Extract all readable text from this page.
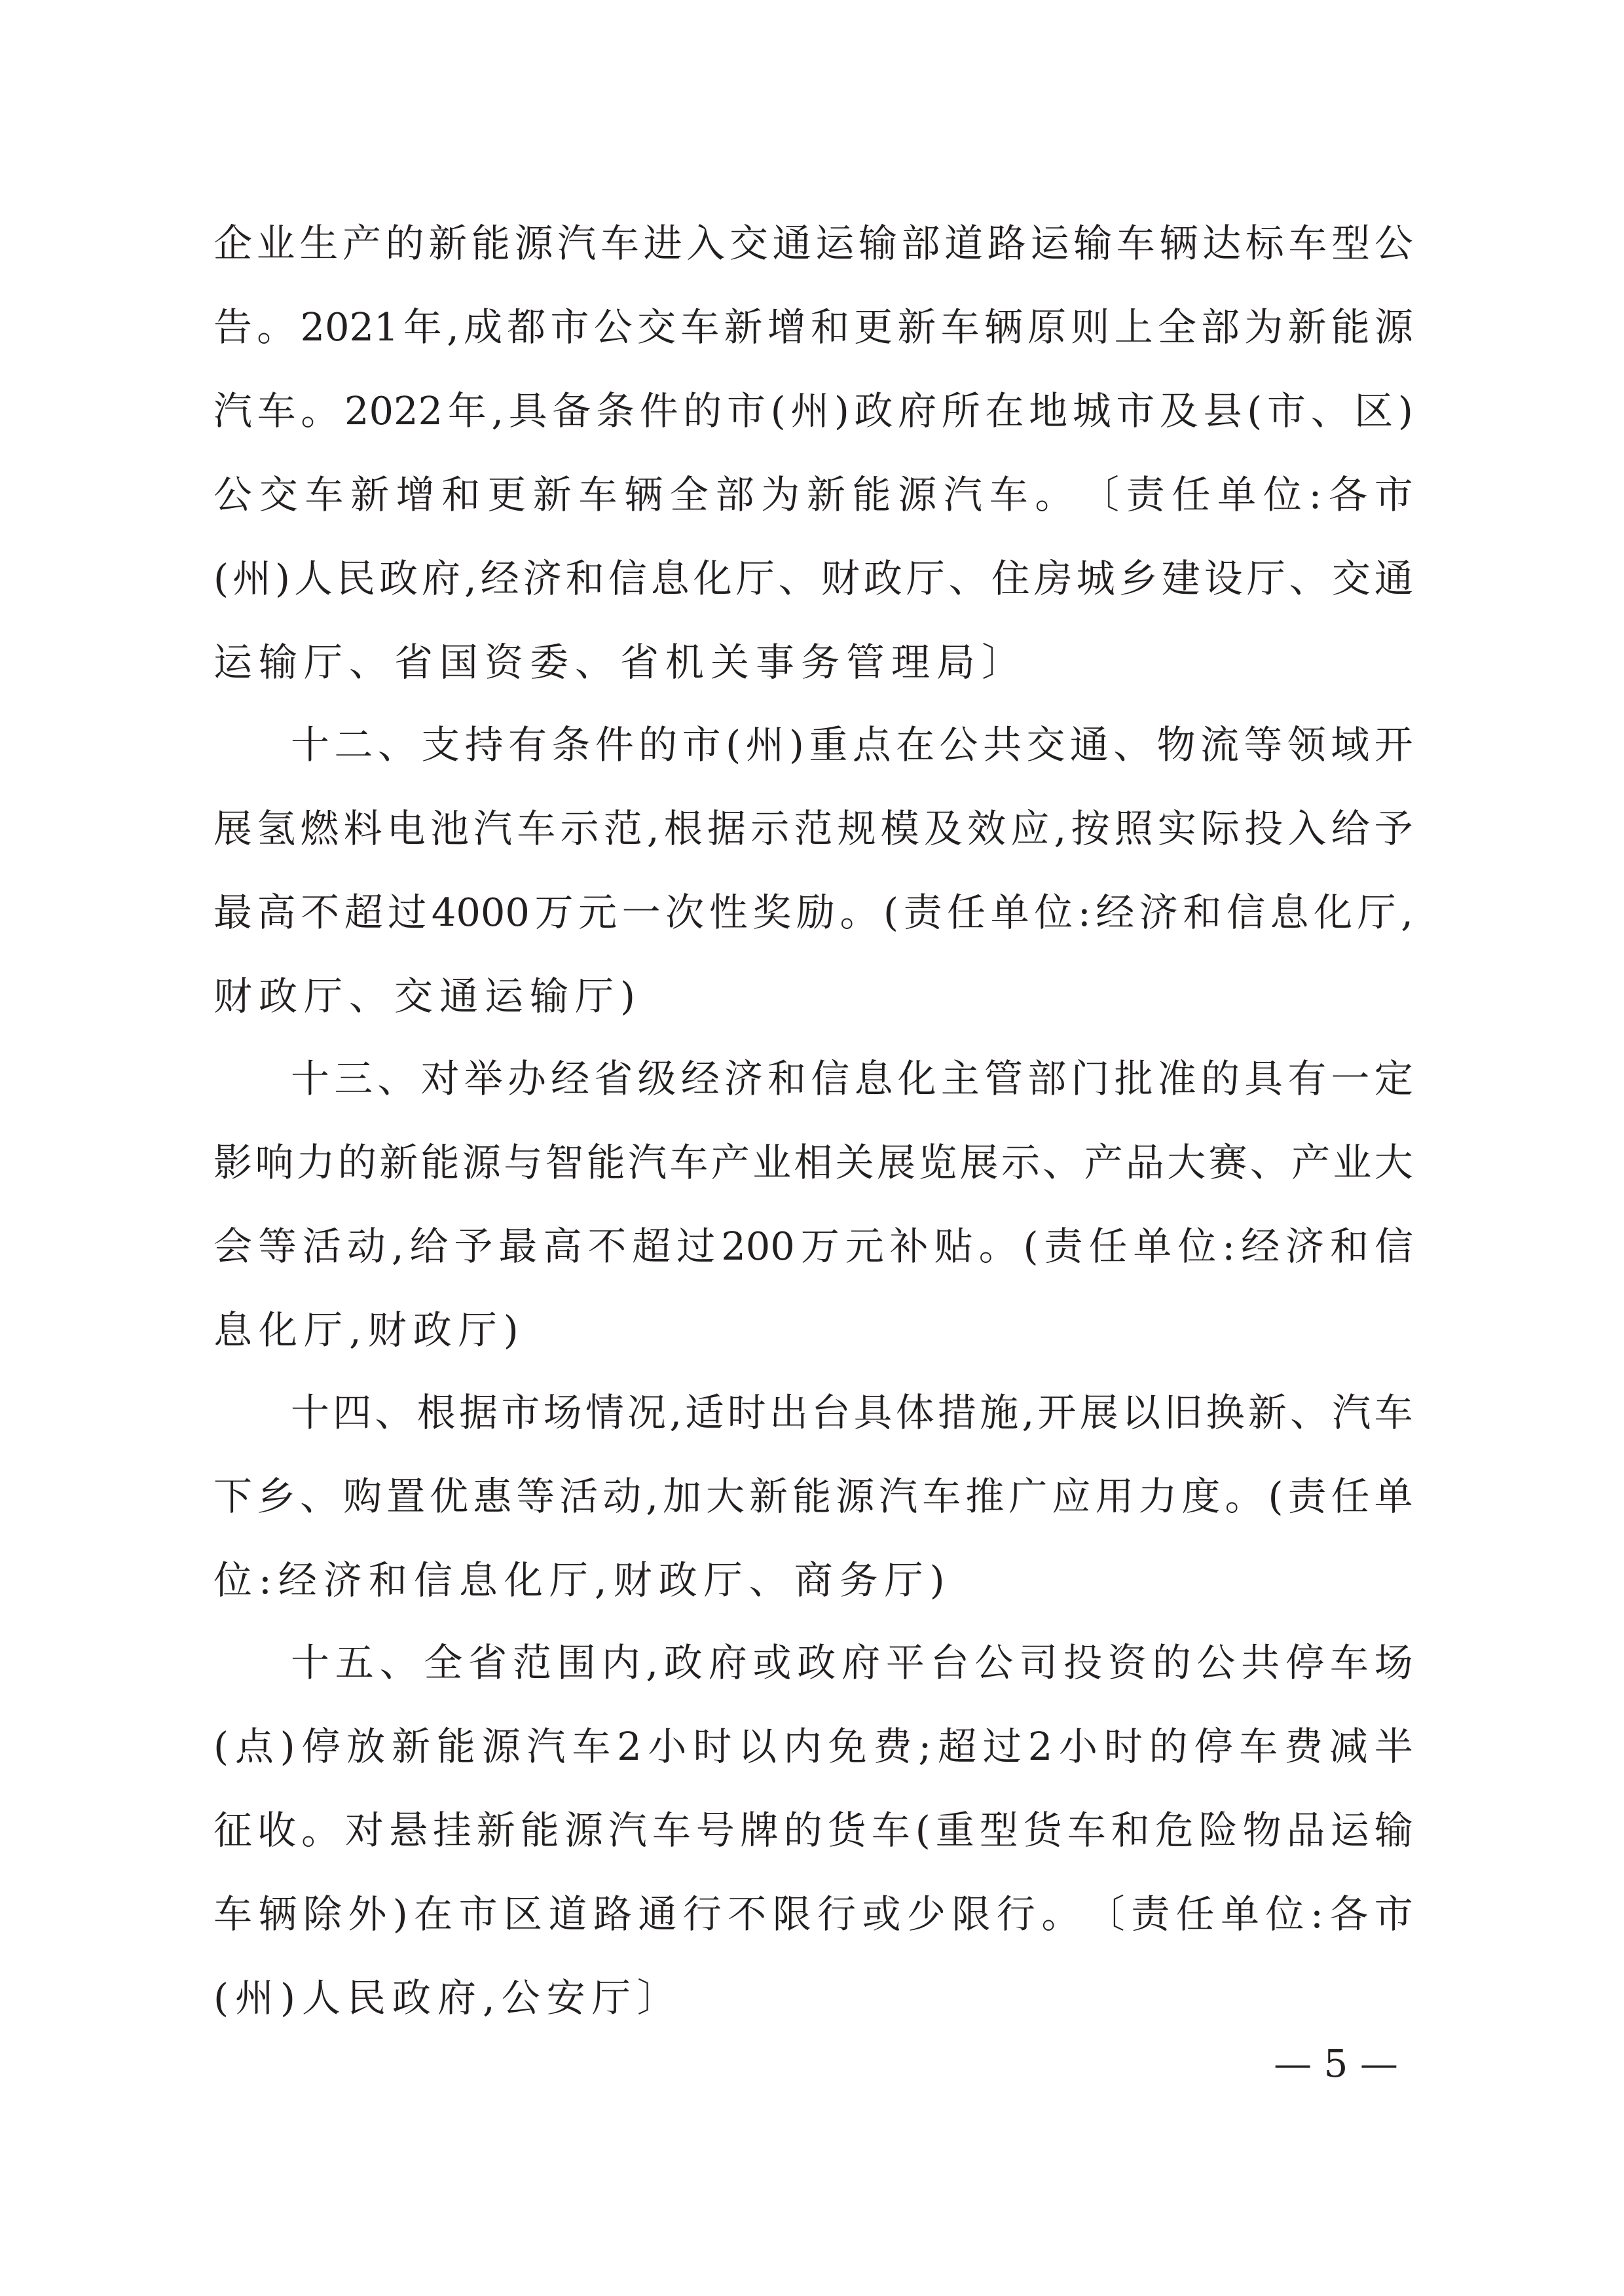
企 业 生 产 的 新 能 源 汽 车 进 入 交 通 运 输 部 道 路 运 输 车 辆 达 标 车 型 公
告 。 2021 年 , 成 都 市 公 交 车 新 增 和 更 新 车 辆 原 则 上 全 部 为 新 能 源
汽 车 。 2022 年 , 具 备 条 件 的 市 ( 州 ) 政 府 所 在 地 城 市 及 县 ( 市 、 区 )
公 交 车 新 增 和 更 新 车 辆 全 部 为 新 能 源 汽 车 。 〔 责 任 单 位 : 各 市
( 州 ) 人 民 政 府 , 经 济 和 信 息 化 厅 、 财 政 厅 、 住 房 城 乡 建 设 厅 、 交 通
运输厅、省国资委、省机关事务管理局〕
十 二 、 支 持 有 条 件 的 市 ( 州 ) 重 点 在 公 共 交 通 、 物 流 等 领 域 开
展 氢 燃 料 电 池 汽 车 示 范 , 根 据 示 范 规 模 及 效 应 , 按 照 实 际 投 入 给 予
最 高 不 超 过 4000 万 元 一 次 性 奖 励 。 ( 责 任 单 位 : 经 济 和 信 息 化 厅 ,
财政厅、交通运输厅)
十 三 、 对 举 办 经 省 级 经 济 和 信 息 化 主 管 部 门 批 准 的 具 有 一 定
影 响 力 的 新 能 源 与 智 能 汽 车 产 业 相 关 展 览 展 示 、 产 品 大 赛 、 产 业 大
会 等 活 动 , 给 予 最 高 不 超 过 200 万 元 补 贴 。 ( 责 任 单 位 : 经 济 和 信
息化厅,财政厅)
十 四 、 根 据 市 场 情 况 , 适 时 出 台 具 体 措 施 , 开 展 以 旧 换 新 、 汽 车
下 乡 、 购 置 优 惠 等 活 动 , 加 大 新 能 源 汽 车 推 广 应 用 力 度 。 ( 责 任 单
位:经济和信息化厅,财政厅、商务厅)
十 五 、 全 省 范 围 内 , 政 府 或 政 府 平 台 公 司 投 资 的 公 共 停 车 场
( 点 ) 停 放 新 能 源 汽 车 2 小 时 以 内 免 费 ; 超 过 2 小 时 的 停 车 费 减 半
征 收 。 对 悬 挂 新 能 源 汽 车 号 牌 的 货 车 ( 重 型 货 车 和 危 险 物 品 运 输
车 辆 除 外 ) 在 市 区 道 路 通 行 不 限 行 或 少 限 行 。 〔 责 任 单 位 : 各 市
(州)人民政府,公安厅〕
— 5 —
